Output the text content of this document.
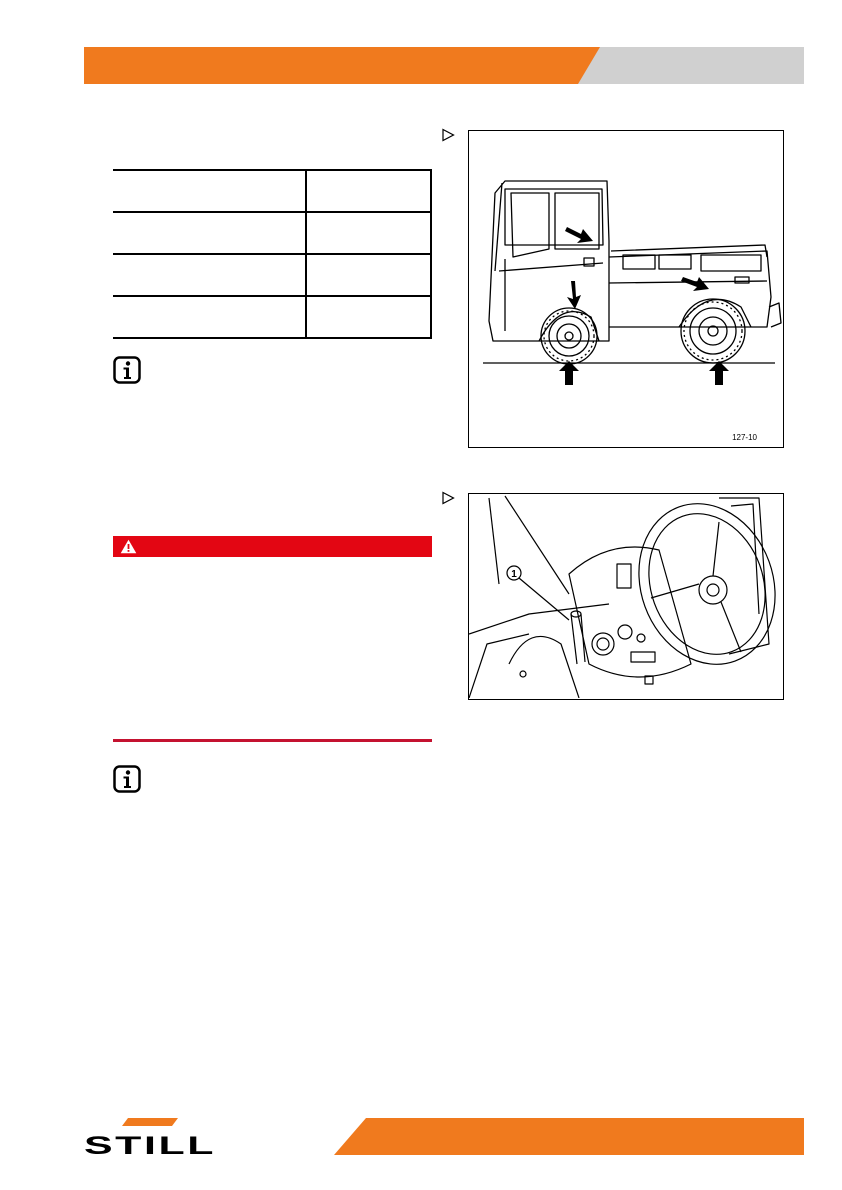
127-10
1
STILL
